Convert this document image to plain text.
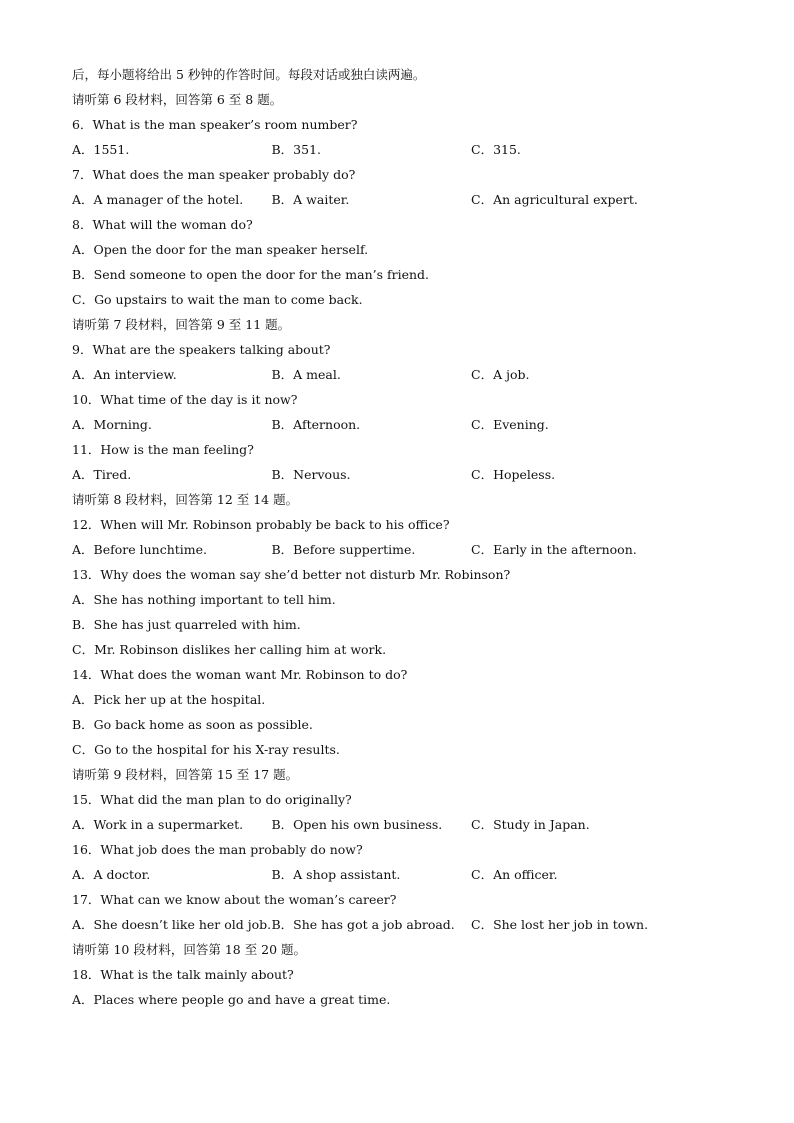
后，每小题将给出 5 秒钟的作答时间。每段对话或独白读两遍。
请听第 6 段材料，回答第 6 至 8 题。
6．What is the man speaker’s room number?
A．1551.	B．351.	C．315.
7．What does the man speaker probably do?
A．A manager of the hotel.	B．A waiter.	C．An agricultural expert.
8．What will the woman do?
A．Open the door for the man speaker herself.
B．Send someone to open the door for the man’s friend.
C．Go upstairs to wait the man to come back.
请听第 7 段材料，回答第 9 至 11 题。
9．What are the speakers talking about?
A．An interview.	B．A meal.	C．A job.
10．What time of the day is it now?
A．Morning.	B．Afternoon.	C．Evening.
11．How is the man feeling?
A．Tired.	B．Nervous.	C．Hopeless.
请听第 8 段材料，回答第 12 至 14 题。
12．When will Mr. Robinson probably be back to his office?
A．Before lunchtime.	B．Before suppertime.	C．Early in the afternoon.
13．Why does the woman say she’d better not disturb Mr. Robinson?
A．She has nothing important to tell him.
B．She has just quarreled with him.
C．Mr. Robinson dislikes her calling him at work.
14．What does the woman want Mr. Robinson to do?
A．Pick her up at the hospital.
B．Go back home as soon as possible.
C．Go to the hospital for his X-ray results.
请听第 9 段材料，回答第 15 至 17 题。
15．What did the man plan to do originally?
A．Work in a supermarket.	B．Open his own business.	C．Study in Japan.
16．What job does the man probably do now?
A．A doctor.	B．A shop assistant.	C．An officer.
17．What can we know about the woman’s career?
A．She doesn’t like her old job. B．She has got a job abroad.	C．She lost her job in town.
请听第 10 段材料，回答第 18 至 20 题。
18．What is the talk mainly about?
A．Places where people go and have a great time.
